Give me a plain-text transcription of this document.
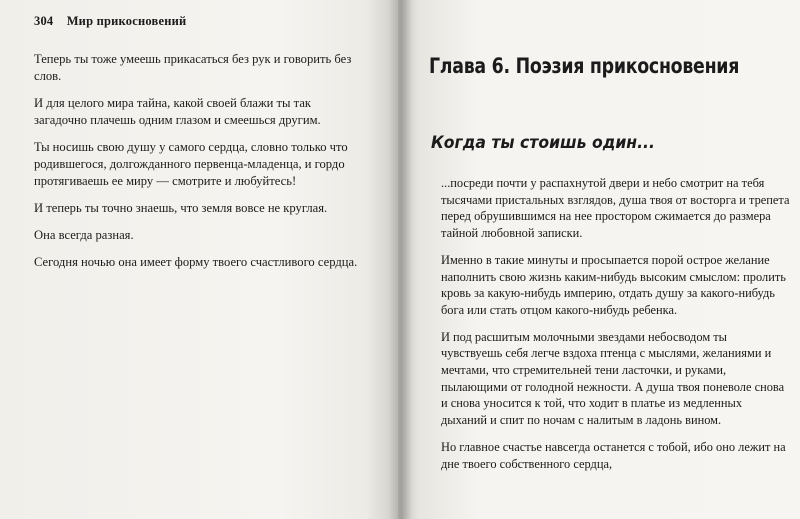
304 Мир прикосновений

Теперь ты тоже умеешь прикасаться без рук и говорить без слов.

И для целого мира тайна, какой своей блажи ты так загадочно плачешь одним глазом и смеешься другим.

Ты носишь свою душу у самого сердца, словно только что родившегося, долгожданного первенца-младенца, и гордо протягиваешь ее миру — смотрите и любуйтесь!

И теперь ты точно знаешь, что земля вовсе не круглая.

Она всегда разная.

Сегодня ночью она имеет форму твоего счастливого сердца.

Глава 6. Поэзия прикосновения
Когда ты стоишь один...

...посреди почти у распахнутой двери и небо смотрит на тебя тысячами пристальных взглядов, душа твоя от восторга и трепета перед обрушившимся на нее простором сжимается до размера тайной любовной записки.

Именно в такие минуты и просыпается порой острое желание наполнить свою жизнь каким-нибудь высоким смыслом: пролить кровь за какую-нибудь империю, отдать душу за какого-нибудь бога или стать отцом какого-нибудь ребенка.

И под расшитым молочными звездами небосводом ты чувствуешь себя легче вздоха птенца с мыслями, желаниями и мечтами, что стремительней тени ласточки, и руками, пылающими от голодной нежности. А душа твоя поневоле снова и снова уносится к той, что ходит в платье из медленных дыханий и спит по ночам с налитым в ладонь вином.

Но главное счастье навсегда останется с тобой, ибо оно лежит на дне твоего собственного сердца,
